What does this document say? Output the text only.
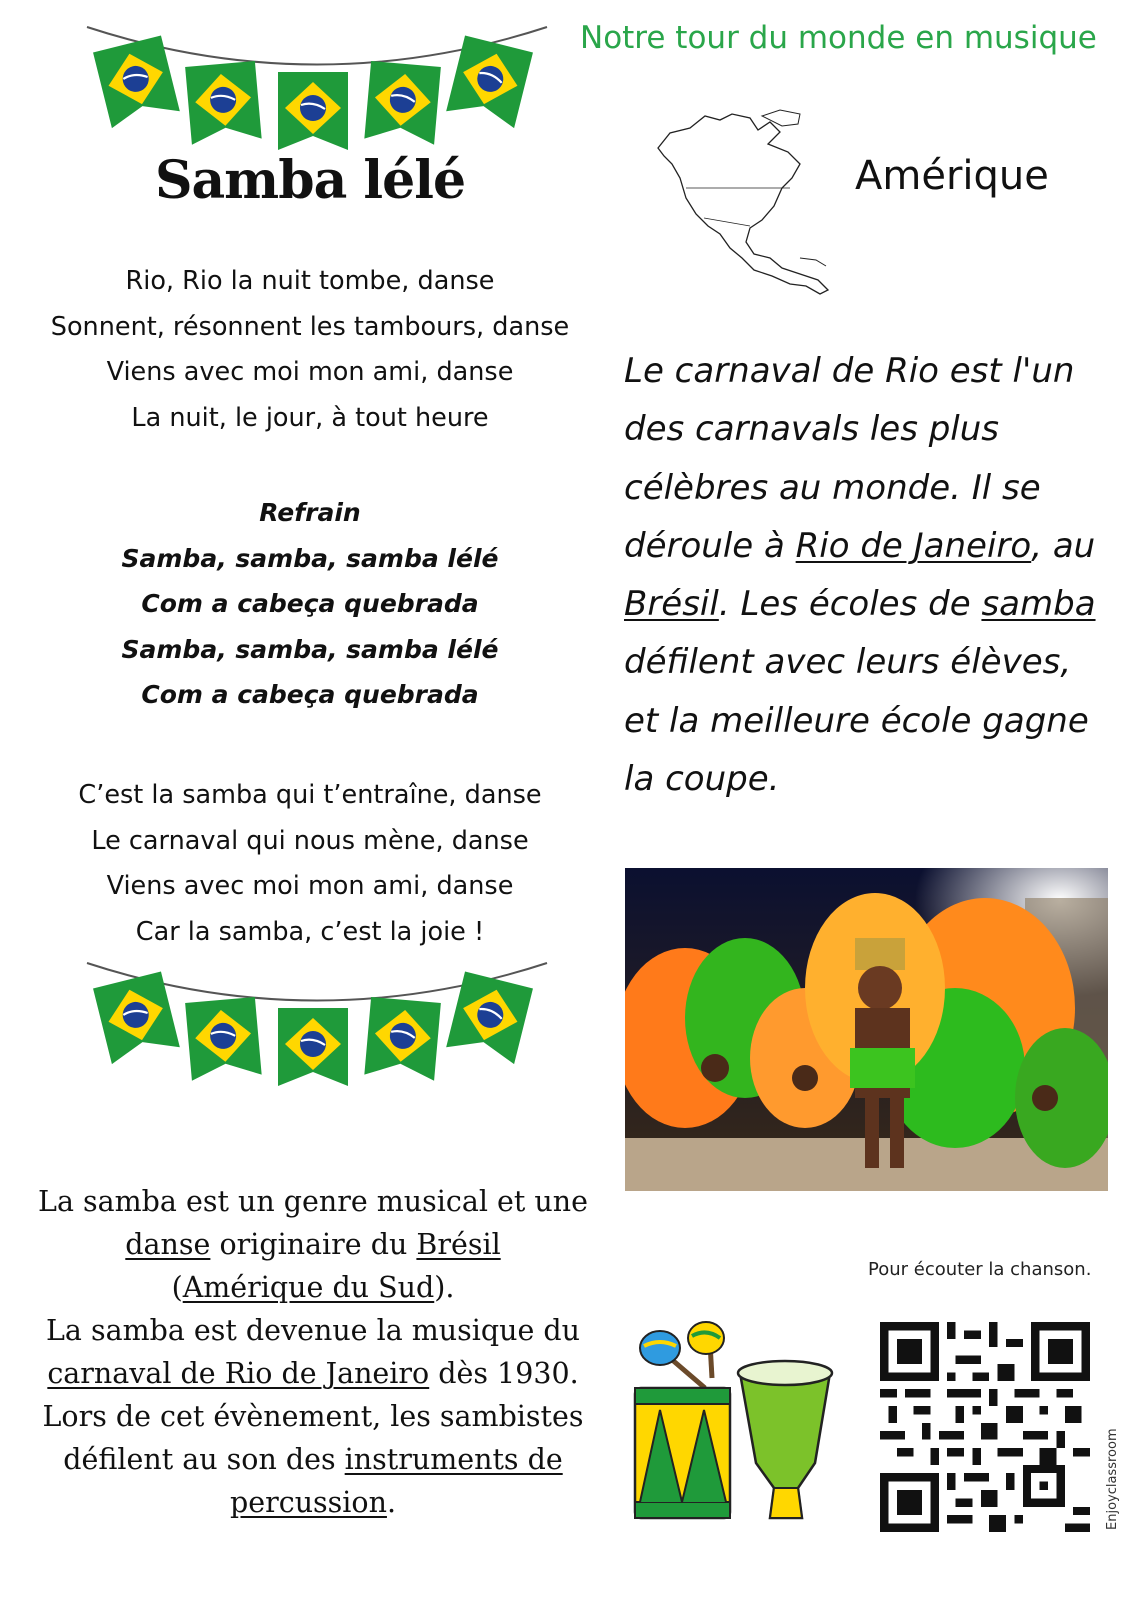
Notre tour du monde en musique
Samba lélé
Rio, Rio la nuit tombe, danse
Sonnent, résonnent les tambours, danse
Viens avec moi mon ami, danse
La nuit, le jour, à tout heure
Refrain
Samba, samba, samba lélé
Com a cabeça quebrada
Samba, samba, samba lélé
Com a cabeça quebrada
C’est la samba qui t’entraîne, danse
Le carnaval qui nous mène, danse
Viens avec moi mon ami, danse
Car la samba, c’est la joie !
Amérique
Le carnaval de Rio est l'un des carnavals les plus célèbres au monde. Il se déroule à Rio de Janeiro, au Brésil. Les écoles de samba défilent avec leurs élèves, et la meilleure école gagne la coupe.
La samba est un genre musical et une danse originaire du Brésil
(Amérique du Sud).
La samba est devenue la musique du carnaval de Rio de Janeiro dès 1930.
Lors de cet évènement, les sambistes défilent au son des instruments de percussion.
Pour écouter la chanson.
Enjoyclassroom
